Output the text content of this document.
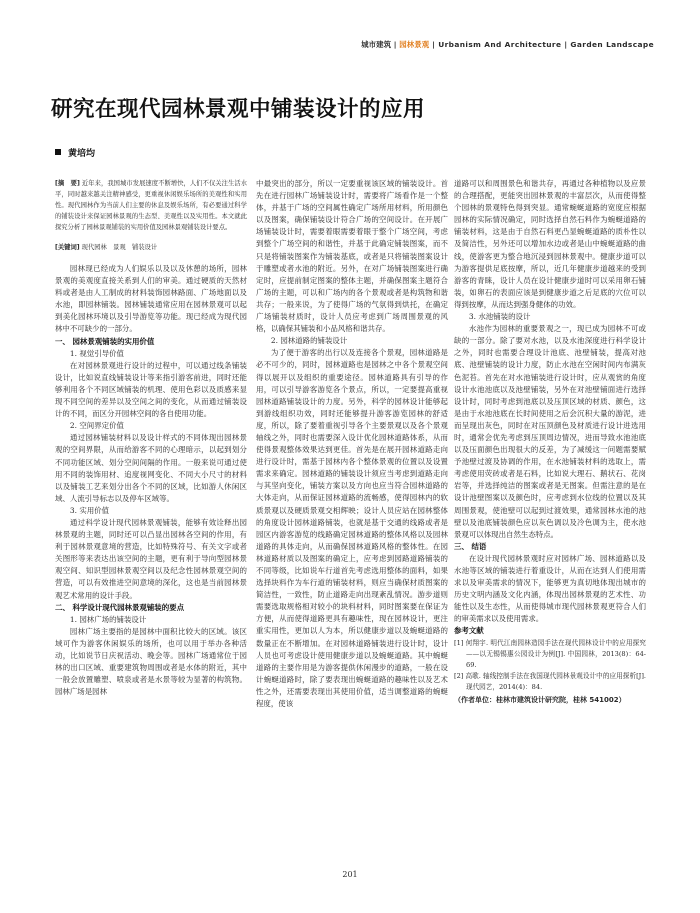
城市建筑 | 园林景观 | Urbanism And Architecture | Garden Landscape
研究在现代园林景观中铺装设计的应用
黄培均

[摘　要] 近年来，我国城市发展速度不断增快，人们不仅关注生活水平，同时越来越关注精神感受，更重视休闲娱乐场所的美观性和实用性。现代园林作为当前人们主要的休息及娱乐场所，有必要通过科学的铺装设计来保证园林景观的生态型、美观性以及实用性。本文就此探究分析了园林景观铺装的实用价值及园林景观铺装设计要点。

[关键词] 现代园林　景观　铺装设计

园林现已经成为人们娱乐以及以及休憩的场所，园林景观的美观度直接关系到人们的审美。通过硬质的天然材料或者是由人工制成的材料装饰园林路面、广场地面以及水池，即园林铺装。园林铺装通常应用在园林景观可以起到美化园林环境以及引导游览等功能。现已经成为现代园林中不可缺少的一部分。

一、 园林景观铺装的实用价值

1. 视觉引导价值

在对园林景观进行设计的过程中，可以通过线条铺装设计，比如说直线铺装设计等来指引游客前进，同时还能够利用各个不同区域铺装的机理、使用色彩以及质感来显现不同空间的差异以及空间之间的变化，从而通过铺装设计的不同，而区分开园林空间的各自使用功能。

2. 空间界定价值

通过园林铺装材料以及设计样式的不同体现出园林景观的空间界限，从而给游客不同的心理暗示，以起到划分不同功能区域、划分空间间隔的作用。一般来说可通过使用不同的装饰用材、追度视网变化、不同大小尺寸的材料以及铺装工艺来划分出各个不同的区域，比如游人休闲区域、人流引导标志以及停车区域等。

3. 实用价值

通过科学设计现代园林景观铺装，能够有效诠释出园林景观的主题，同时还可以凸显出园林各空间的作用，有利于园林景观意境的营造，比如特殊符号、有关文字或者关图形等来表达出该空间的主题，更有利于导向型园林景观空间、知识型园林景观空间以及纪念性园林景观空间的营造，可以有效推进空间意境的深化，这也是当前园林景观艺术常用的设计手段。

二、 科学设计现代园林景观铺装的要点

1. 园林广场的铺装设计

园林广场主要指的是园林中面积比较大的区域。该区域可作为游客休闲娱乐的场所，也可以用于举办各种活动，比如说节日庆祝活动、晚会等。园林广场通常位于园林的出口区域、重要建筑物周围或者是水体的附近，其中一般会放置雕塑、喷泉或者是水景等较为显著的构筑物。园林广场是园林

中最突出的部分，所以一定要重视该区域的铺装设计。首先在进行园林广场铺装设计时，需要将广场看作是一个整体，并基于广场的空间属性确定广场所用材料，所用颜色以及图案，确保铺装设计符合广场的空间设计。在开展广场铺装设计时，需要着眼需要着眼于整个广场空间，考虑到整个广场空间的和谐性，并基于此确定铺装图案，而不只是将铺装图案作为铺装基底，或者是只将铺装图案设计于雕塑或者水池的附近。另外，在对广场铺装图案进行确定时，应提前制定图案的整体主题，并确保图案主题符合广场的主题，可以和广场内的各个景观或者是构筑物和谐共存；一般来说，为了使得广场的气氛得到烘托，在确定广场铺装材质时，设计人员应考虑到广场周围景观的风格，以确保其铺装和小品风格和谐共存。

2. 园林道路的铺装设计

为了便于游客的出行以及连接各个景观，园林道路是必不可少的，同时，园林道路也是园林之中各个景观空间得以展开以及组织的重要途径。园林道路具有引导的作用，可以引导游客游览各个景点，所以，一定要提高重视园林道路铺装设计的力度。另外，科学的园林设计能够起到游线组织功效，同时还能够提升游客游览园林的舒适度，所以，除了要着重视引导各个主要景观以及各个景观轴线之外，同时也需要深入设计优化园林道路体系，从而使得景观整体效果达到更佳。首先是在展开园林道路走向进行设计时，需基于园林内各个整体景观的位置以及设置需求来确定。园林道路的铺装设计须应当考虑到道路走向与其坚向变化，铺装方案以及方向也应当符合园林道路的大体走向，从而保证园林道路的流畅感，使得园林内的软质景观以及硬质景观交相辉映；设计人员应站在园林整体的角度设计园林道路铺装，也就是基于交通的线路或者是园区内游客游览的线路确定园林道路的整体风格以及园林道路的具体走向，从而确保园林道路风格的整体性。在园林道路材质以及图案的确定上，应考虑到园路道路铺装的不同等级，比如说车行道首先考虑选用整体的面料，如果选择块料作为车行道的铺装材料，则应当确保材质图案的简洁性，一致性，防止道路走向出现紊乱情况。游步道则需要选取规格相对较小的块料材料，同时图案要在保证为方便，从而使得道路更具有趣味性，现在园林设计，更注重实用性，更加以人为本，所以健康步道以及蜿蜒道路的数量正在不断增加。在对园林道路铺装进行设计时，设计人员也可考虑设计使用健康步道以及蜿蜒道路。其中蜿蜒道路的主要作用是为游客提供休闲漫步的道路，一般在设计蜿蜒道路时，除了要表现出蜿蜒道路的趣味性以及艺术性之外，还需要表现出其使用价值，适当调整道路的蜿蜒程度，使该

道路可以和周围景色和谐共存，再通过各种植物以及应景的合理搭配，更能突出园林景观的丰富层次，从而使得整个园林的景观特色得到突显。通常蜿蜒道路的宽度应根据园林的实际情况确定，同时选择自然石料作为蜿蜒道路的铺装材料，这是由于自然石料更凸显蜿蜒道路的质朴性以及简洁性，另外还可以增加水边或者是山中蜿蜒道路的曲线，使游客更为整合地沉浸到园林景观中。健康步道可以为游客提供足底按摩，所以，近几年健康步道越来的受到游客的青睐，设计人员在设计健康步道时可以采用卵石铺装，如卵石的表面应该是到健康步道之后足底的穴位可以得到按摩，从而达到强身健体的功效。

3. 水池铺装的设计

水池作为园林的重要景观之一，现已成为园林不可或缺的一部分。除了要对水池，以及水池深度进行科学设计之外，同时也需要合理设计池底、池壁铺装，提高对池底、池壁铺装的设计力度，防止水池在空闲时间内布满灰色泥苔。首先在对水池铺装进行设计时，应从观赏的角度设计水池池底以及池壁铺装，另外在对池壁铺面进行选择设计时，同时考虑到池底以及压顶区域的材质、颜色，这是由于水池池底在长时间使用之后会沉积大量的游泥，进而呈现出灰色，同时在对压顶颜色及材质进行设计进选用时，通常会优先考虑到压顶周边情况，进而导致水池池底以及压面颜色出现很大的反差，为了减缓这一问题需要赋予池壁过渡及协调的作用，在水池铺装材料的选取上，需考虑使用荧砖或者是石料，比如说大理石、鹅状石、花岗岩等，并选择纯洁的图案或者是无图案。但需注意的是在设计池壁图案以及颜色时，应考虑到水位线的位置以及其周围景观，使池壁可以起到过渡效果，通常园林水池的池壁以及池底铺装颜色应以灰色调以及冷色调为主，使水池景观可以体现出自然生态特点。

三、 结语

在设计现代园林景观时应对园林广场、园林道路以及水池等区域的铺装进行着重设计，从而在达到人们使用需求以及审美需求的情况下，能够更为真切地体现出城市的历史文明内涵及文化内涵，体现出园林景观的艺术性、功能性以及生态性，从而使得城市现代园林景观更符合人们的审美需求以及使用需求。

参考文献

[1] 何翔宇. 明代江南园林造园手法在现代园林设计中的应用探究——以无锡锡惠公园设计为例[J]. 中国园林，2013(8)：64-69.

[2] 高歌. 轴线控制手法在我国现代园林景观设计中的应用探析[J]. 现代园艺，2014(4)：84.

（作者单位：桂林市建筑设计研究院，桂林 541002）

201
